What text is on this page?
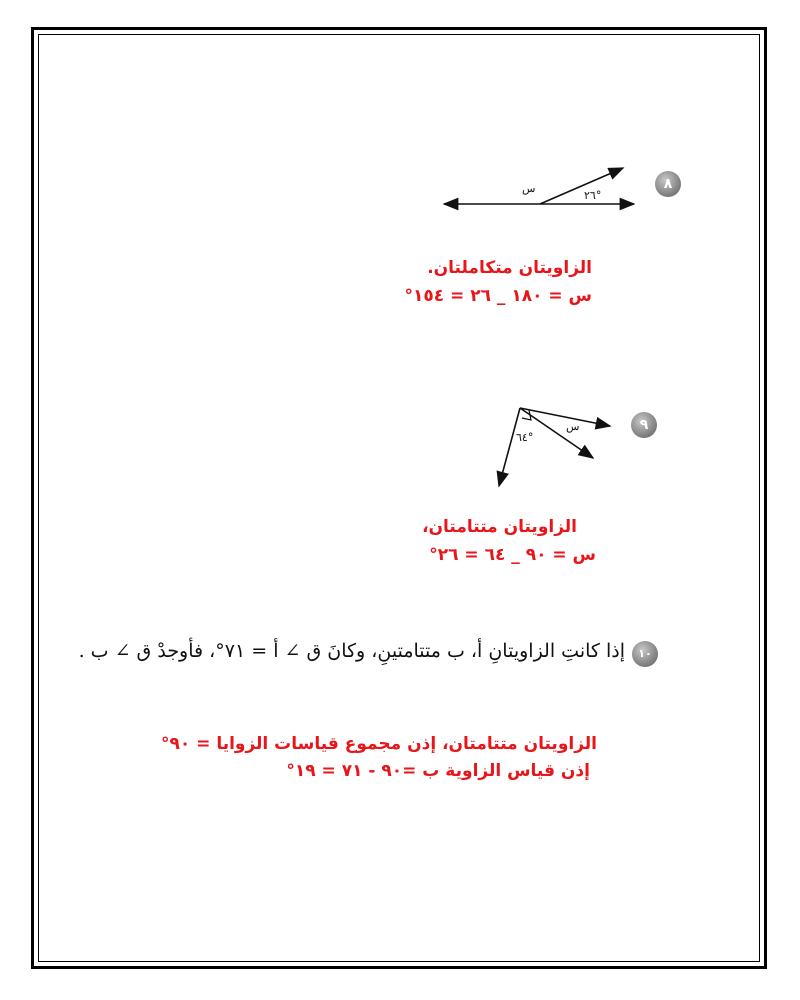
٨
س
٢٦°
الزاويتان متكاملتان.
س = ١٨٠ _ ٢٦ = ١٥٤°
٩
س
٦٤°
الزاويتان متتامتان،
س = ٩٠ _ ٦٤ = ٢٦°
١٠
إذا كانتِ الزاويتانِ أ، ب متتامتينِ، وكانَ ق ∠ أ = ٧١°، فأوجدْ ق ∠ ب .
الزاويتان متتامتان، إذن مجموع قياسات الزوايا = ٩٠°
إذن قياس الزاوية ب =٩٠ - ٧١ = ١٩°
